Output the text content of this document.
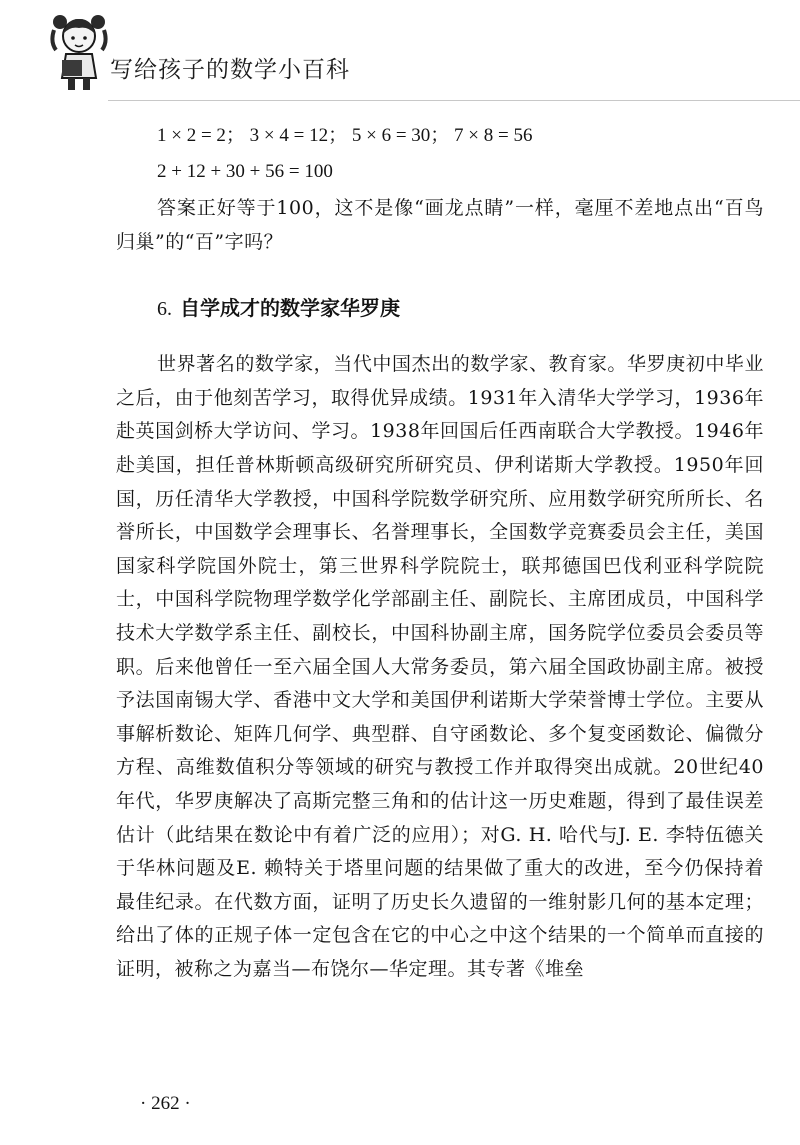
写给孩子的数学小百科
1 × 2 = 2； 3 × 4 = 12； 5 × 6 = 30； 7 × 8 = 56
2 + 12 + 30 + 56 = 100

答案正好等于100，这不是像“画龙点睛”一样，毫厘不差地点出“百鸟归巢”的“百”字吗？

6. 自学成才的数学家华罗庚

世界著名的数学家，当代中国杰出的数学家、教育家。华罗庚初中毕业之后，由于他刻苦学习，取得优异成绩。1931年入清华大学学习，1936年赴英国剑桥大学访问、学习。1938年回国后任西南联合大学教授。1946年赴美国，担任普林斯顿高级研究所研究员、伊利诺斯大学教授。1950年回国，历任清华大学教授，中国科学院数学研究所、应用数学研究所所长、名誉所长，中国数学会理事长、名誉理事长，全国数学竞赛委员会主任，美国国家科学院国外院士，第三世界科学院院士，联邦德国巴伐利亚科学院院士，中国科学院物理学数学化学部副主任、副院长、主席团成员，中国科学技术大学数学系主任、副校长，中国科协副主席，国务院学位委员会委员等职。后来他曾任一至六届全国人大常务委员，第六届全国政协副主席。被授予法国南锡大学、香港中文大学和美国伊利诺斯大学荣誉博士学位。主要从事解析数论、矩阵几何学、典型群、自守函数论、多个复变函数论、偏微分方程、高维数值积分等领域的研究与教授工作并取得突出成就。20世纪40年代，华罗庚解决了高斯完整三角和的估计这一历史难题，得到了最佳误差估计（此结果在数论中有着广泛的应用）；对G. H. 哈代与J. E. 李特伍德关于华林问题及E. 赖特关于塔里问题的结果做了重大的改进，至今仍保持着最佳纪录。在代数方面，证明了历史长久遗留的一维射影几何的基本定理；给出了体的正规子体一定包含在它的中心之中这个结果的一个简单而直接的证明，被称之为嘉当—布饶尔—华定理。其专著《堆垒

· 262 ·
